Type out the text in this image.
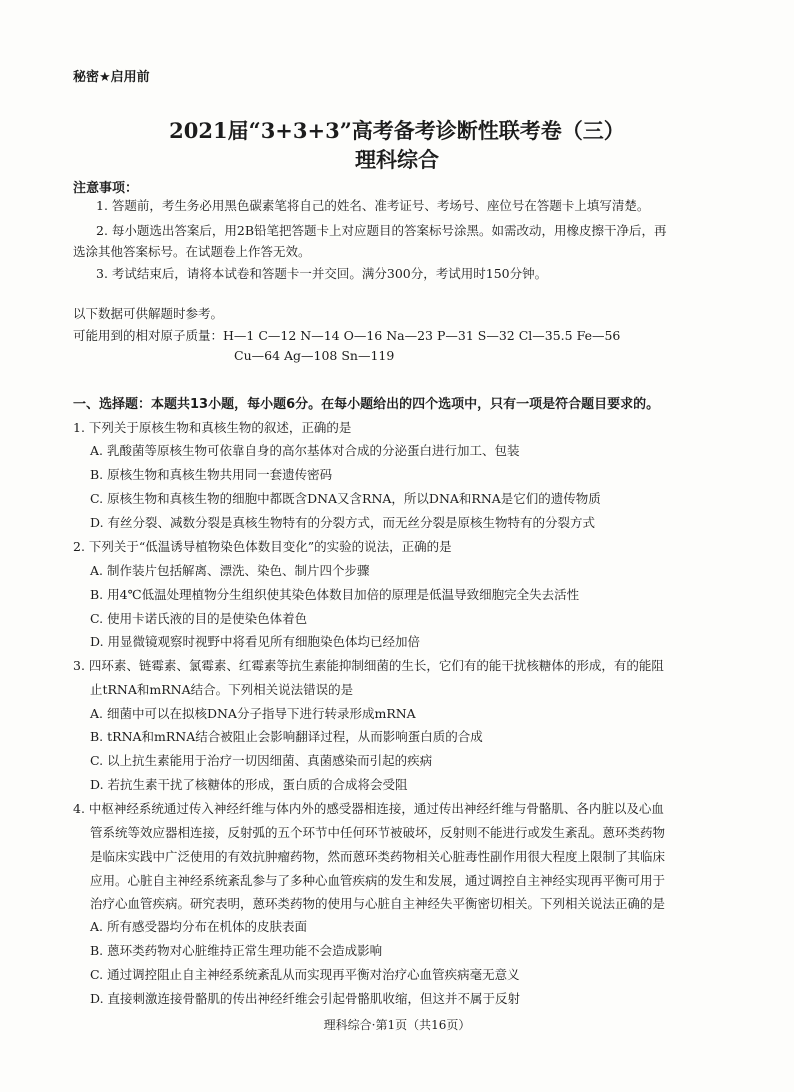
秘密★启用前
2021届“3+3+3”高考备考诊断性联考卷（三）
理科综合
注意事项：
1. 答题前，考生务必用黑色碳素笔将自己的姓名、准考证号、考场号、座位号在答题卡上填写清楚。
2. 每小题选出答案后，用2B铅笔把答题卡上对应题目的答案标号涂黑。如需改动，用橡皮擦干净后，再
选涂其他答案标号。在试题卷上作答无效。
3. 考试结束后，请将本试卷和答题卡一并交回。满分300分，考试用时150分钟。
以下数据可供解题时参考。
可能用到的相对原子质量：H—1 C—12 N—14 O—16 Na—23 P—31 S—32 Cl—35.5 Fe—56
Cu—64 Ag—108 Sn—119
一、选择题：本题共13小题，每小题6分。在每小题给出的四个选项中，只有一项是符合题目要求的。
1. 下列关于原核生物和真核生物的叙述，正确的是
A. 乳酸菌等原核生物可依靠自身的高尔基体对合成的分泌蛋白进行加工、包装
B. 原核生物和真核生物共用同一套遗传密码
C. 原核生物和真核生物的细胞中都既含DNA又含RNA，所以DNA和RNA是它们的遗传物质
D. 有丝分裂、减数分裂是真核生物特有的分裂方式，而无丝分裂是原核生物特有的分裂方式
2. 下列关于“低温诱导植物染色体数目变化”的实验的说法，正确的是
A. 制作装片包括解离、漂洗、染色、制片四个步骤
B. 用4℃低温处理植物分生组织使其染色体数目加倍的原理是低温导致细胞完全失去活性
C. 使用卡诺氏液的目的是使染色体着色
D. 用显微镜观察时视野中将看见所有细胞染色体均已经加倍
3. 四环素、链霉素、氯霉素、红霉素等抗生素能抑制细菌的生长，它们有的能干扰核糖体的形成，有的能阻
止tRNA和mRNA结合。下列相关说法错误的是
A. 细菌中可以在拟核DNA分子指导下进行转录形成mRNA
B. tRNA和mRNA结合被阻止会影响翻译过程，从而影响蛋白质的合成
C. 以上抗生素能用于治疗一切因细菌、真菌感染而引起的疾病
D. 若抗生素干扰了核糖体的形成，蛋白质的合成将会受阻
4. 中枢神经系统通过传入神经纤维与体内外的感受器相连接，通过传出神经纤维与骨骼肌、各内脏以及心血
管系统等效应器相连接，反射弧的五个环节中任何环节被破坏，反射则不能进行或发生紊乱。蒽环类药物
是临床实践中广泛使用的有效抗肿瘤药物，然而蒽环类药物相关心脏毒性副作用很大程度上限制了其临床
应用。心脏自主神经系统紊乱参与了多种心血管疾病的发生和发展，通过调控自主神经实现再平衡可用于
治疗心血管疾病。研究表明，蒽环类药物的使用与心脏自主神经失平衡密切相关。下列相关说法正确的是
A. 所有感受器均分布在机体的皮肤表面
B. 蒽环类药物对心脏维持正常生理功能不会造成影响
C. 通过调控阻止自主神经系统紊乱从而实现再平衡对治疗心血管疾病毫无意义
D. 直接刺激连接骨骼肌的传出神经纤维会引起骨骼肌收缩，但这并不属于反射
理科综合·第1页（共16页）
